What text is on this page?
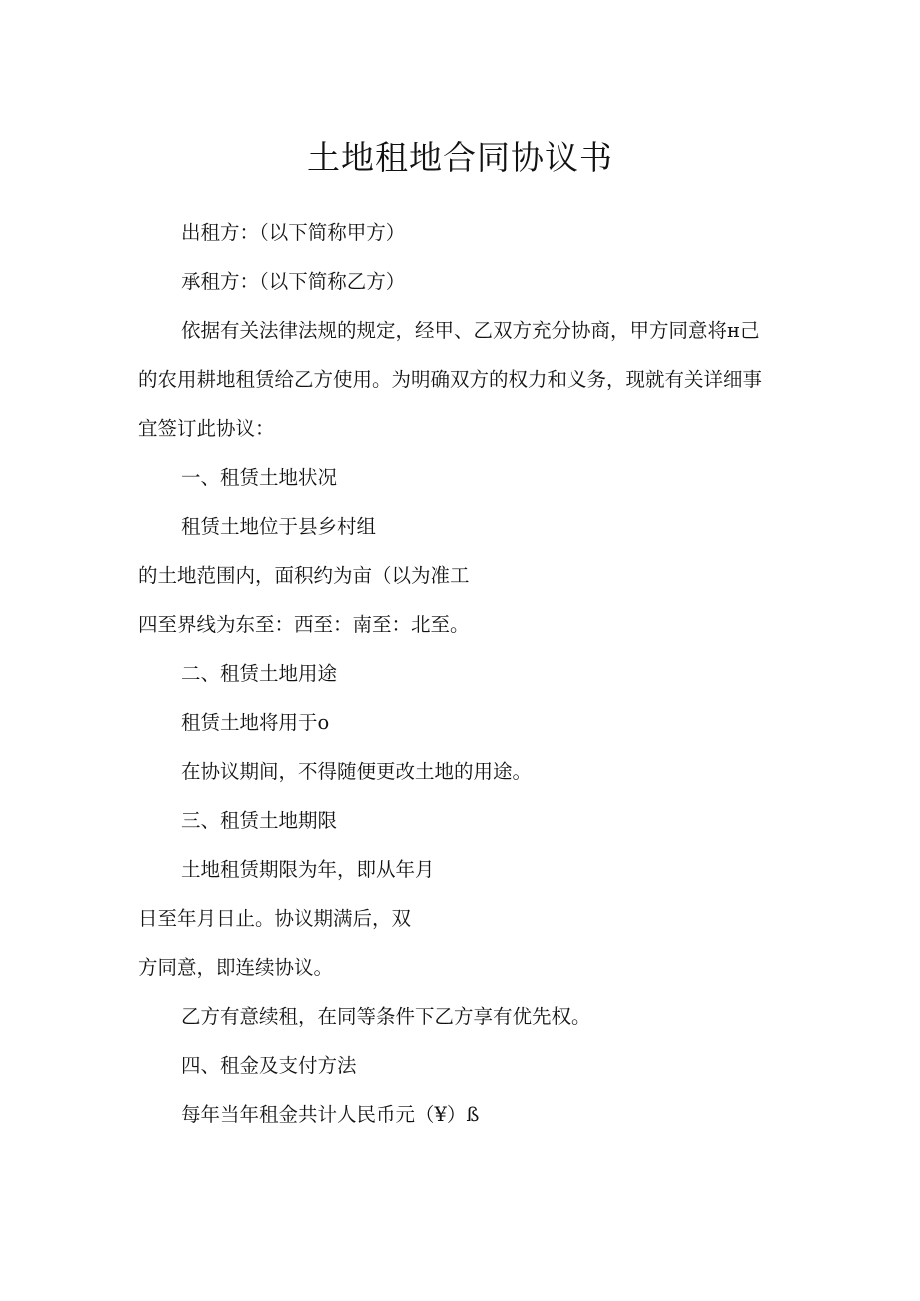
土地租地合同协议书

出租方：（以下简称甲方）

承租方：（以下简称乙方）

依据有关法律法规的规定，经甲、乙双方充分协商，甲方同意将н己

的农用耕地租赁给乙方使用。为明确双方的权力和义务，现就有关详细事

宜签订此协议：

一、租赁土地状况

租赁土地位于县乡村组

的土地范围内，面积约为亩（以为准工

四至界线为东至：西至：南至：北至。

二、租赁土地用途

租赁土地将用于o

在协议期间，不得随便更改土地的用途。

三、租赁土地期限

土地租赁期限为年，即从年月

日至年月日止。协议期满后，双

方同意，即连续协议。

乙方有意续租，在同等条件下乙方享有优先权。

四、租金及支付方法

每年当年租金共计人民币元（¥）ß
